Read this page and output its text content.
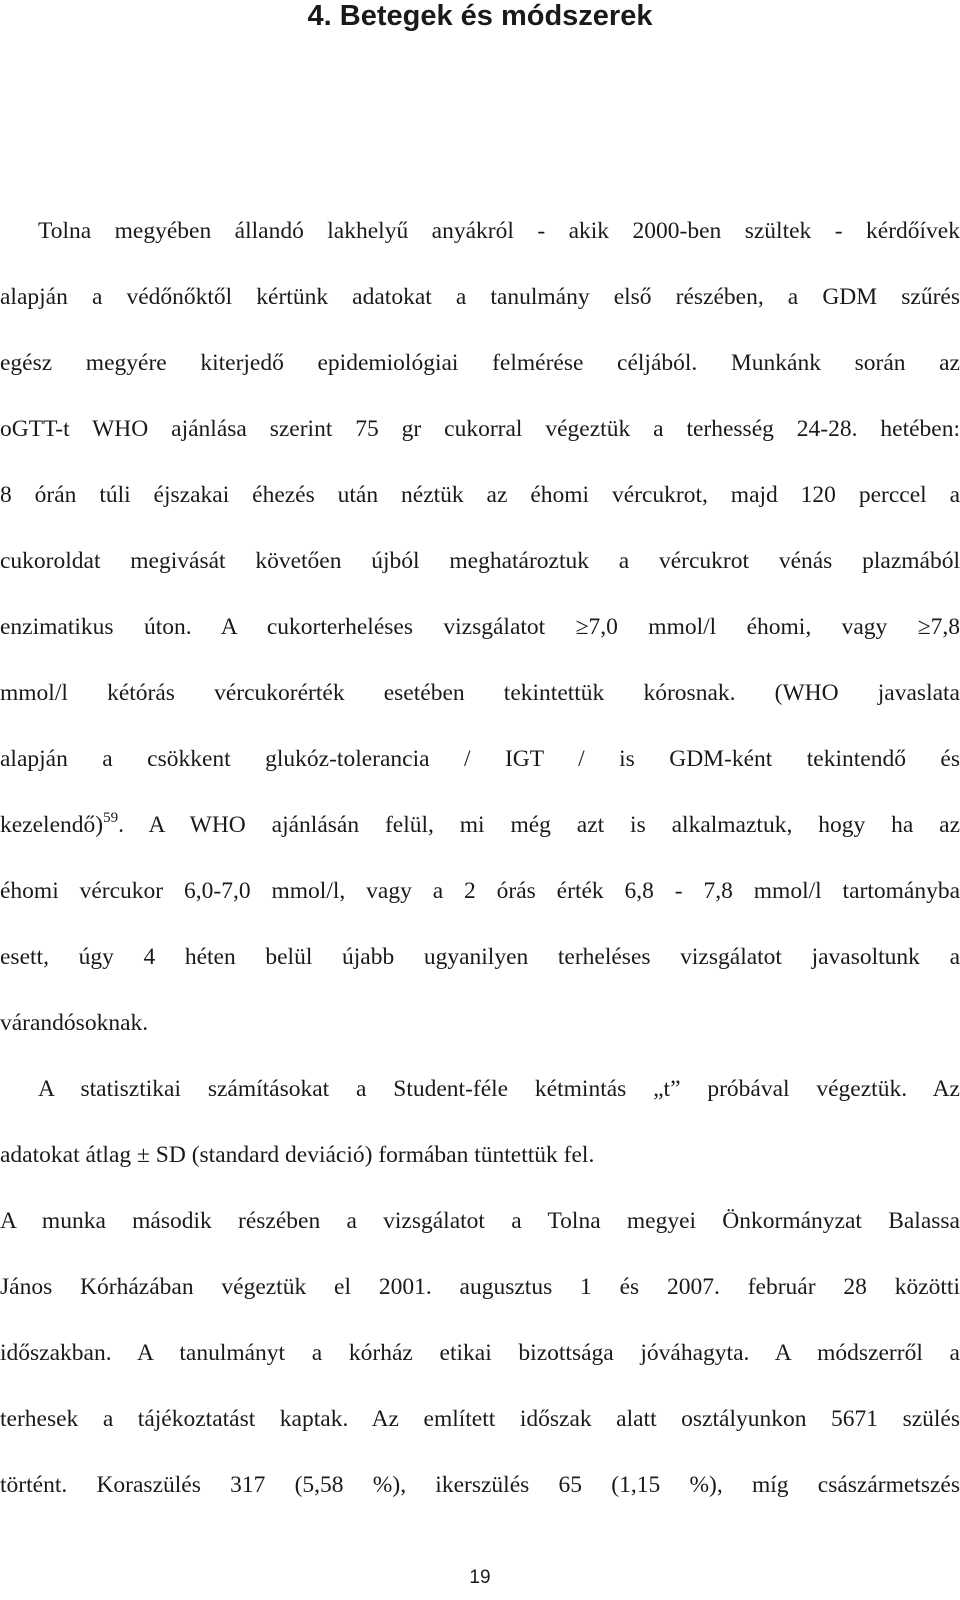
4. Betegek és módszerek
Tolna megyében állandó lakhelyű anyákról - akik 2000-ben szültek - kérdőívek
alapján a védőnőktől kértünk adatokat a tanulmány első részében, a GDM szűrés
egész megyére kiterjedő epidemiológiai felmérése céljából. Munkánk során az
oGTT-t WHO ajánlása szerint 75 gr cukorral végeztük a terhesség 24-28. hetében:
8 órán túli éjszakai éhezés után néztük az éhomi vércukrot, majd 120 perccel a
cukoroldat megivását követően újból meghatároztuk a vércukrot vénás plazmából
enzimatikus úton. A cukorterheléses vizsgálatot ≥7,0 mmol/l éhomi, vagy ≥7,8
mmol/l kétórás vércukorérték esetében tekintettük kórosnak. (WHO javaslata
alapján a csökkent glukóz-tolerancia / IGT / is GDM-ként tekintendő és
kezelendő)$^{59}$. A WHO ajánlásán felül, mi még azt is alkalmaztuk, hogy ha az
éhomi vércukor 6,0-7,0 mmol/l, vagy a 2 órás érték 6,8 - 7,8 mmol/l tartományba
esett, úgy 4 héten belül újabb ugyanilyen terheléses vizsgálatot javasoltunk a
várandósoknak.
A statisztikai számításokat a Student-féle kétmintás „t” próbával végeztük. Az
adatokat átlag ± SD (standard deviáció) formában tüntettük fel.
A munka második részében a vizsgálatot a Tolna megyei Önkormányzat Balassa
János Kórházában végeztük el 2001. augusztus 1 és 2007. február 28 közötti
időszakban. A tanulmányt a kórház etikai bizottsága jóváhagyta. A módszerről a
terhesek a tájékoztatást kaptak. Az említett időszak alatt osztályunkon 5671 szülés
történt. Koraszülés 317 (5,58 %), ikerszülés 65 (1,15 %), míg császármetszés
19
